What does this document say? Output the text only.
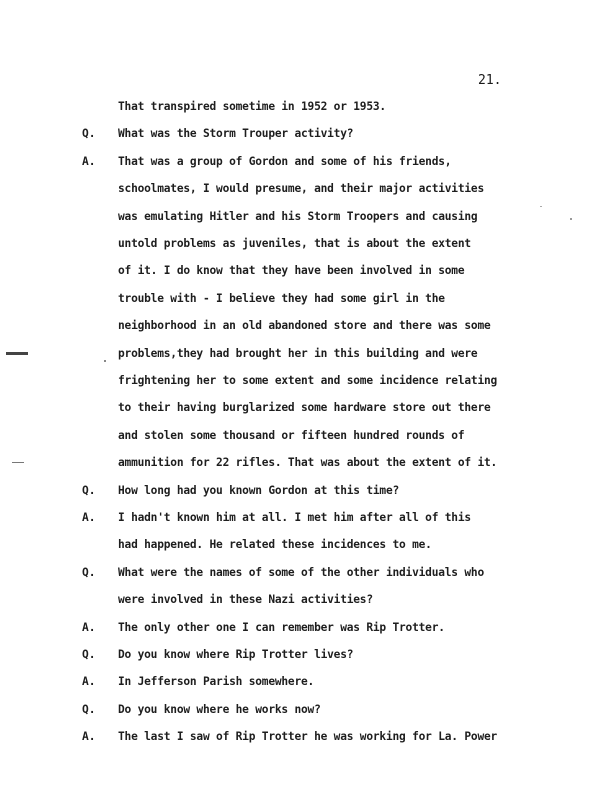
21.
That transpired sometime in 1952 or 1953.
Q. What was the Storm Trouper activity?
A. That was a group of Gordon and some of his friends,
schoolmates, I would presume, and their major activities
was emulating Hitler and his Storm Troopers and causing
untold problems as juveniles, that is about the extent
of it. I do know that they have been involved in some
trouble with - I believe they had some girl in the
neighborhood in an old abandoned store and there was some
problems,they had brought her in this building and were
frightening her to some extent and some incidence relating
to their having burglarized some hardware store out there
and stolen some thousand or fifteen hundred rounds of
ammunition for 22 rifles. That was about the extent of it.
Q. How long had you known Gordon at this time?
A. I hadn't known him at all. I met him after all of this
had happened. He related these incidences to me.
Q. What were the names of some of the other individuals who
were involved in these Nazi activities?
A. The only other one I can remember was Rip Trotter.
Q. Do you know where Rip Trotter lives?
A. In Jefferson Parish somewhere.
Q. Do you know where he works now?
A. The last I saw of Rip Trotter he was working for La. Power
